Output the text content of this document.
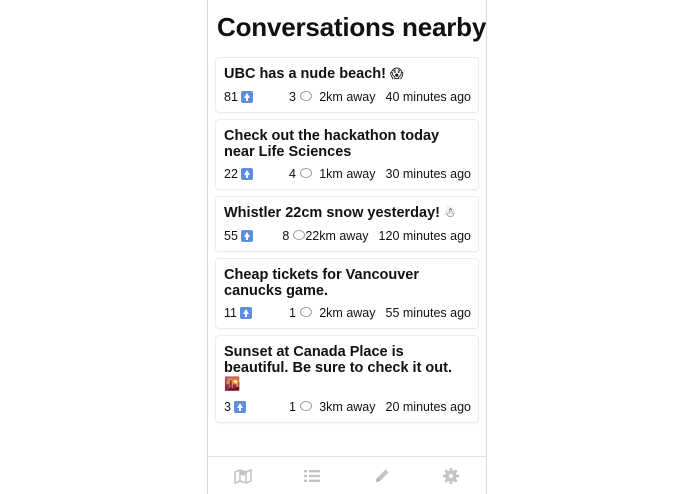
Conversations nearby
UBC has a nude beach! 😱
81	3	2km away 40 minutes ago
Check out the hackathon today near Life Sciences
22	4	1km away 30 minutes ago
Whistler 22cm snow yesterday! ☃
55	8 22km away 120 minutes ago
Cheap tickets for Vancouver canucks game.
11	1	2km away 55 minutes ago
Sunset at Canada Place is beautiful. Be sure to check it out. 🌇
3	1	3km away 20 minutes ago
